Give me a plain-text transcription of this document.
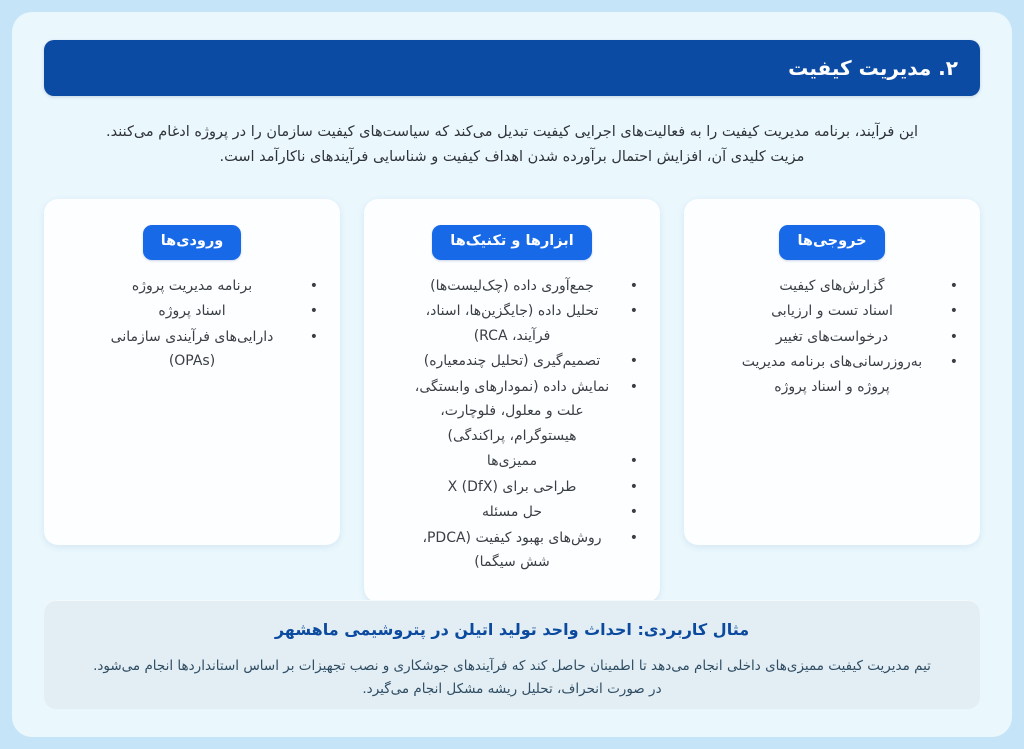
۲. مدیریت کیفیت

این فرآیند، برنامه مدیریت کیفیت را به فعالیت‌های اجرایی کیفیت تبدیل می‌کند که سیاست‌های کیفیت سازمان را در پروژه ادغام می‌کنند. مزیت کلیدی آن، افزایش احتمال برآورده شدن اهداف کیفیت و شناسایی فرآیندهای ناکارآمد است.

خروجی‌ها
گزارش‌های کیفیت •
اسناد تست و ارزیابی •
درخواست‌های تغییر •
به‌روزرسانی‌های برنامه مدیریت پروژه و اسناد پروژه •
ابزارها و تکنیک‌ها
جمع‌آوری داده (چک‌لیست‌ها) •
تحلیل داده (جایگزین‌ها، اسناد، فرآیند، RCA) •
تصمیم‌گیری (تحلیل چندمعیاره) •
نمایش داده (نمودارهای وابستگی، علت و معلول، فلوچارت، هیستوگرام، پراکندگی) •
ممیزی‌ها •
طراحی برای X (DfX) •
حل مسئله •
روش‌های بهبود کیفیت (PDCA، شش سیگما) •
ورودی‌ها
برنامه مدیریت پروژه •
اسناد پروژه •
دارایی‌های فرآیندی سازمانی (OPAs) •
مثال کاربردی: احداث واحد تولید اتیلن در پتروشیمی ماهشهر
تیم مدیریت کیفیت ممیزی‌های داخلی انجام می‌دهد تا اطمینان حاصل کند که فرآیندهای جوشکاری و نصب تجهیزات بر اساس استانداردها انجام می‌شود. در صورت انحراف، تحلیل ریشه مشکل انجام می‌گیرد.
